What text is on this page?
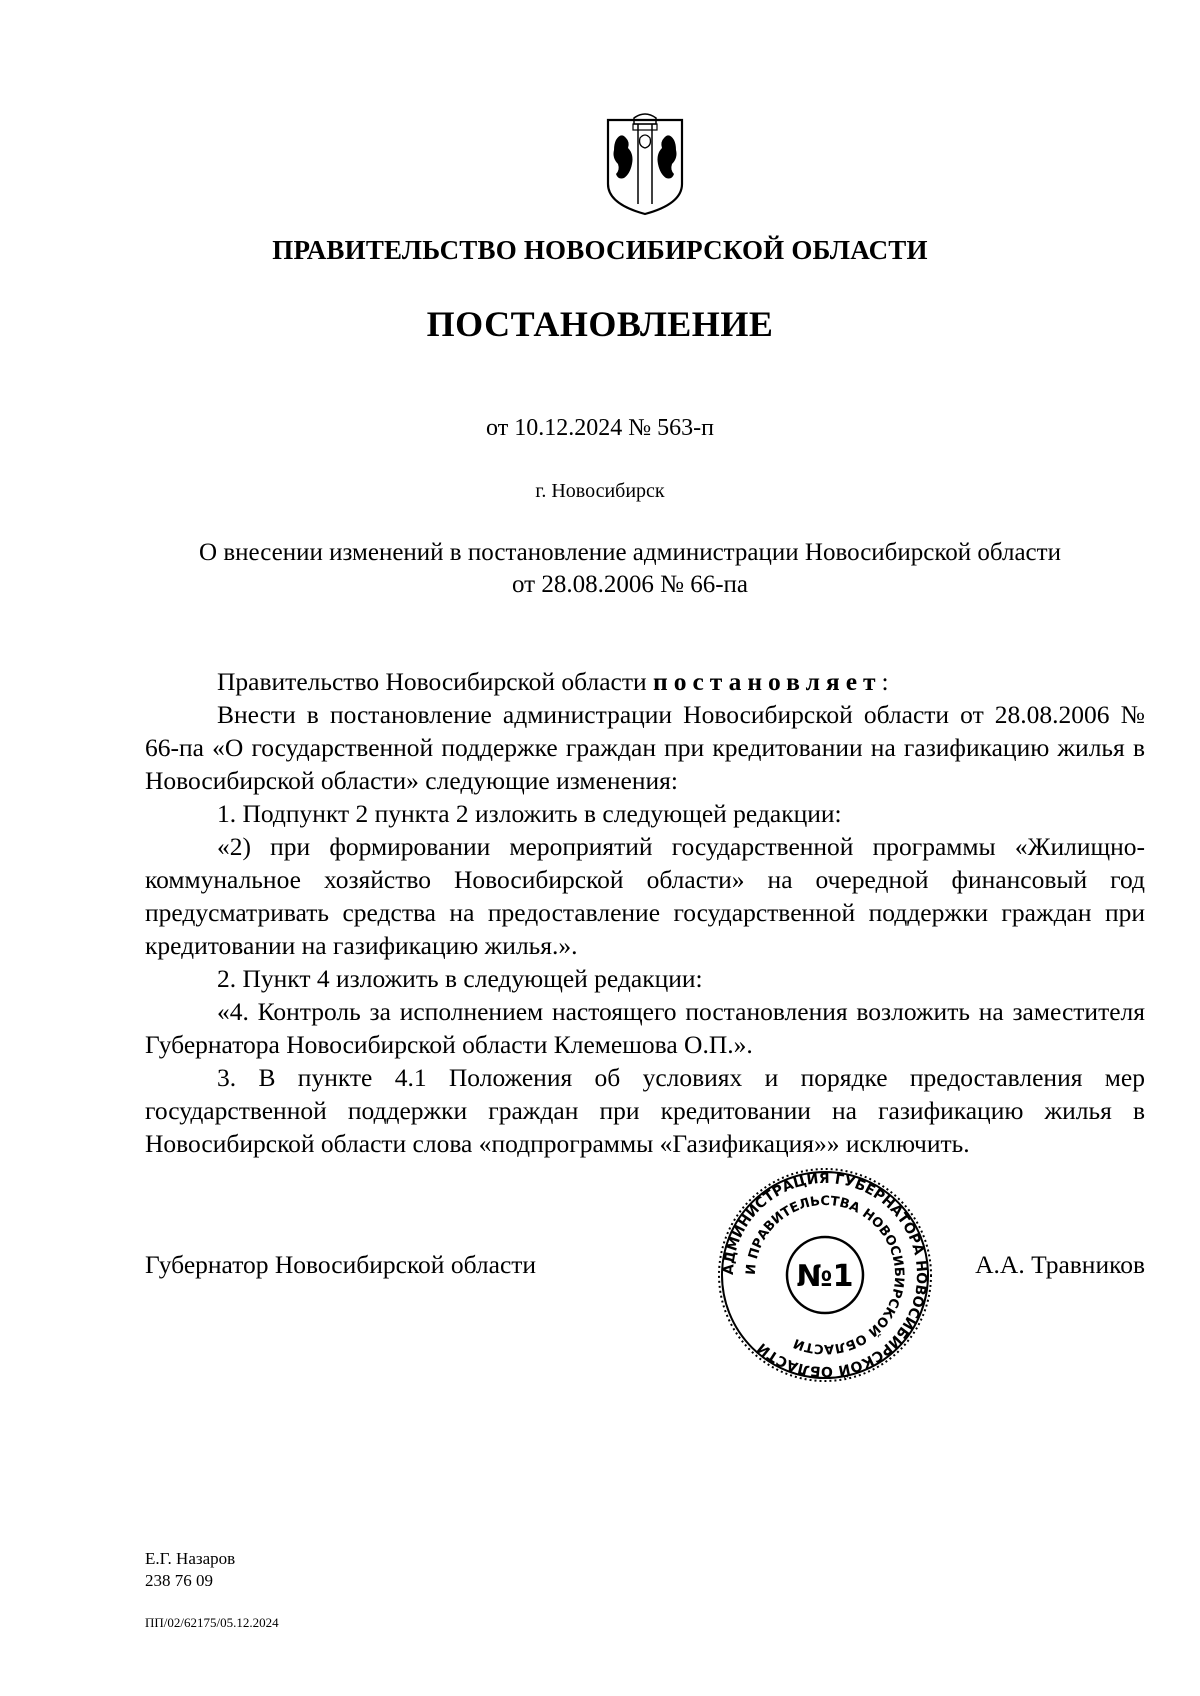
ПРАВИТЕЛЬСТВО НОВОСИБИРСКОЙ ОБЛАСТИ
ПОСТАНОВЛЕНИЕ
от 10.12.2024 № 563-п
г. Новосибирск
О внесении изменений в постановление администрации Новосибирской области
от 28.08.2006 № 66-па

Правительство Новосибирской области постановляет:

Внести в постановление администрации Новосибирской области от 28.08.2006 № 66-па «О государственной поддержке граждан при кредитовании на газификацию жилья в Новосибирской области» следующие изменения:

1. Подпункт 2 пункта 2 изложить в следующей редакции:

«2) при формировании мероприятий государственной программы «Жилищно-коммунальное хозяйство Новосибирской области» на очередной финансовый год предусматривать средства на предоставление государственной поддержки граждан при кредитовании на газификацию жилья.».

2. Пункт 4 изложить в следующей редакции:

«4. Контроль за исполнением настоящего постановления возложить на заместителя Губернатора Новосибирской области Клемешова О.П.».

3. В пункте 4.1 Положения об условиях и порядке предоставления мер государственной поддержки граждан при кредитовании на газификацию жилья в Новосибирской области слова «подпрограммы «Газификация»» исключить.

Губернатор Новосибирской области	А.А. Травников
АДМИНИСТРАЦИЯ ГУБЕРНАТОРА НОВОСИБИРСКОЙ ОБЛАСТИ
И ПРАВИТЕЛЬСТВА НОВОСИБИРСКОЙ ОБЛАСТИ
№1
Е.Г. Назаров
238 76 09
ПП/02/62175/05.12.2024
